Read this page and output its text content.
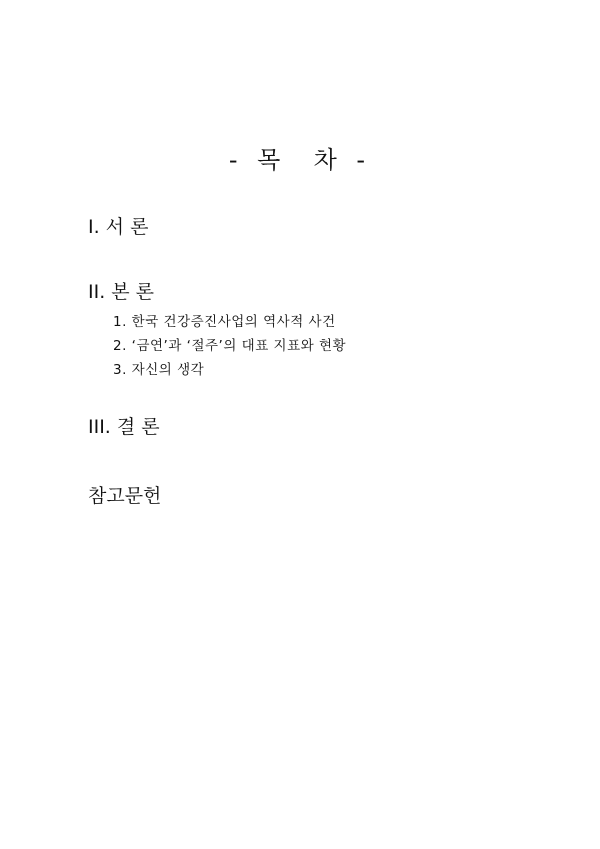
- 목  차 -
I. 서 론
II. 본 론
1. 한국 건강증진사업의 역사적 사건
2. ‘금연’과 ‘절주’의 대표 지표와 현황
3. 자신의 생각
III. 결 론
참고문헌
